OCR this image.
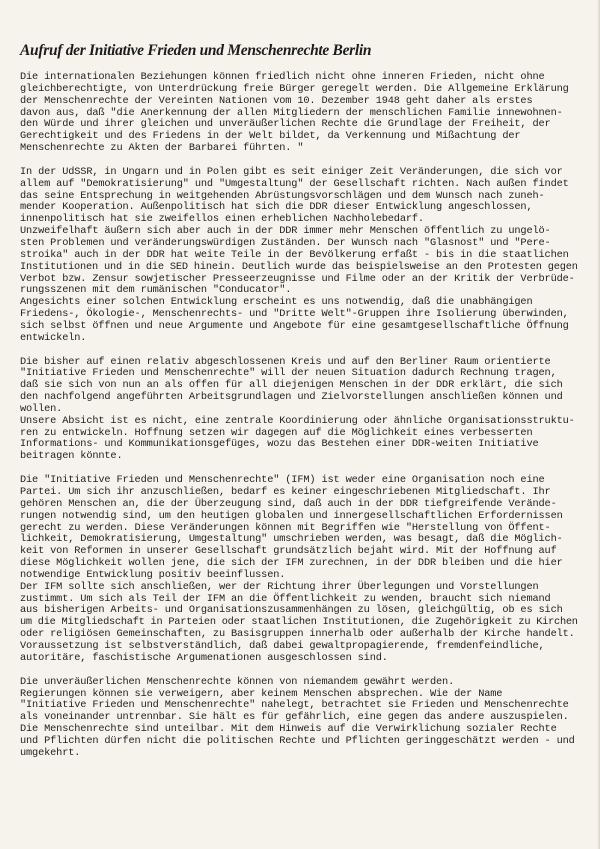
Aufruf der Initiative Frieden und Menschenrechte Berlin

Die internationalen Beziehungen können friedlich nicht ohne inneren Frieden, nicht ohne
gleichberechtigte, von Unterdrückung freie Bürger geregelt werden. Die Allgemeine Erklärung
der Menschenrechte der Vereinten Nationen vom 10. Dezember 1948 geht daher als erstes
davon aus, daß "die Anerkennung der allen Mitgliedern der menschlichen Familie innewohnen-
den Würde und ihrer gleichen und unveräußerlichen Rechte die Grundlage der Freiheit, der
Gerechtigkeit und des Friedens in der Welt bildet, da Verkennung und Mißachtung der
Menschenrechte zu Akten der Barbarei führten. "

In der UdSSR, in Ungarn und in Polen gibt es seit einiger Zeit Veränderungen, die sich vor
allem auf "Demokratisierung" und "Umgestaltung" der Gesellschaft richten. Nach außen findet
das seine Entsprechung in weitgehenden Abrüstungsvorschlägen und dem Wunsch nach zuneh-
mender Kooperation. Außenpolitisch hat sich die DDR dieser Entwicklung angeschlossen,
innenpolitisch hat sie zweifellos einen erheblichen Nachholebedarf.
Unzweifelhaft äußern sich aber auch in der DDR immer mehr Menschen öffentlich zu ungelö-
sten Problemen und veränderungswürdigen Zuständen. Der Wunsch nach "Glasnost" und "Pere-
stroika" auch in der DDR hat weite Teile in der Bevölkerung erfaßt - bis in die staatlichen
Institutionen und in die SED hinein. Deutlich wurde das beispielsweise an den Protesten gegen
Verbot bzw. Zensur sowjetischer Presseerzeugnisse und Filme oder an der Kritik der Verbrüde-
rungsszenen mit dem rumänischen "Conducator".
Angesichts einer solchen Entwicklung erscheint es uns notwendig, daß die unabhängigen
Friedens-, Ökologie-, Menschenrechts- und "Dritte Welt"-Gruppen ihre Isolierung überwinden,
sich selbst öffnen und neue Argumente und Angebote für eine gesamtgesellschaftliche Öffnung
entwickeln.

Die bisher auf einen relativ abgeschlossenen Kreis und auf den Berliner Raum orientierte
"Initiative Frieden und Menschenrechte" will der neuen Situation dadurch Rechnung tragen,
daß sie sich von nun an als offen für all diejenigen Menschen in der DDR erklärt, die sich
den nachfolgend angeführten Arbeitsgrundlagen und Zielvorstellungen anschließen können und
wollen.
Unsere Absicht ist es nicht, eine zentrale Koordinierung oder ähnliche Organisationsstruktu-
ren zu entwickeln. Hoffnung setzen wir dagegen auf die Möglichkeit eines verbesserten
Informations- und Kommunikationsgefüges, wozu das Bestehen einer DDR-weiten Initiative
beitragen könnte.

Die "Initiative Frieden und Menschenrechte" (IFM) ist weder eine Organisation noch eine
Partei. Um sich ihr anzuschließen, bedarf es keiner eingeschriebenen Mitgliedschaft. Ihr
gehören Menschen an, die der Überzeugung sind, daß auch in der DDR tiefgreifende Verände-
rungen notwendig sind, um den heutigen globalen und innergesellschaftlichen Erfordernissen
gerecht zu werden. Diese Veränderungen können mit Begriffen wie "Herstellung von Öffent-
lichkeit, Demokratisierung, Umgestaltung" umschrieben werden, was besagt, daß die Möglich-
keit von Reformen in unserer Gesellschaft grundsätzlich bejaht wird. Mit der Hoffnung auf
diese Möglichkeit wollen jene, die sich der IFM zurechnen, in der DDR bleiben und die hier
notwendige Entwicklung positiv beeinflussen.
Der IFM sollte sich anschließen, wer der Richtung ihrer Überlegungen und Vorstellungen
zustimmt. Um sich als Teil der IFM an die Öffentlichkeit zu wenden, braucht sich niemand
aus bisherigen Arbeits- und Organisationszusammenhängen zu lösen, gleichgültig, ob es sich
um die Mitgliedschaft in Parteien oder staatlichen Institutionen, die Zugehörigkeit zu Kirchen
oder religiösen Gemeinschaften, zu Basisgruppen innerhalb oder außerhalb der Kirche handelt.
Voraussetzung ist selbstverständlich, daß dabei gewaltpropagierende, fremdenfeindliche,
autoritäre, faschistische Argumenationen ausgeschlossen sind.

Die unveräußerlichen Menschenrechte können von niemandem gewährt werden.
Regierungen können sie verweigern, aber keinem Menschen absprechen. Wie der Name
"Initiative Frieden und Menschenrechte" nahelegt, betrachtet sie Frieden und Menschenrechte
als voneinander untrennbar. Sie hält es für gefährlich, eine gegen das andere auszuspielen.
Die Menschenrechte sind unteilbar. Mit dem Hinweis auf die Verwirklichung sozialer Rechte
und Pflichten dürfen nicht die politischen Rechte und Pflichten geringgeschätzt werden - und
umgekehrt.
